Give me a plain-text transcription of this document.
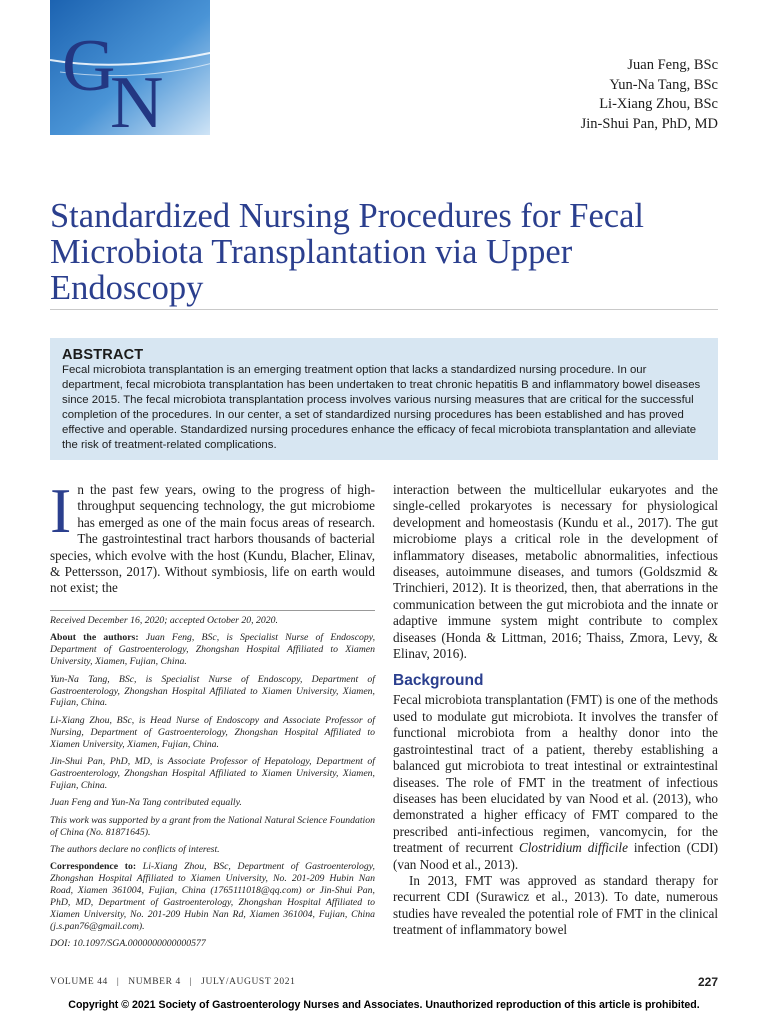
G
N	Juan Feng, BSc
Yun-Na Tang, BSc
Li-Xiang Zhou, BSc
Jin-Shui Pan, PhD, MD
Standardized Nursing Procedures for Fecal Microbiota Transplantation via Upper Endoscopy
ABSTRACT

Fecal microbiota transplantation is an emerging treatment option that lacks a standardized nursing procedure. In our department, fecal microbiota transplantation has been undertaken to treat chronic hepatitis B and inflammatory bowel diseases since 2015. The fecal microbiota transplantation process involves various nursing measures that are critical for the successful completion of the procedures. In our center, a set of standardized nursing procedures has been established and has proved effective and operable. Standardized nursing procedures enhance the efficacy of fecal microbiota transplantation and alleviate the risk of treatment-related complications.

In the past few years, owing to the progress of high-throughput sequencing technology, the gut microbiome has emerged as one of the main focus areas of research. The gastrointestinal tract harbors thousands of bacterial species, which evolve with the host (Kundu, Blacher, Elinav, & Pettersson, 2017). Without symbiosis, life on earth would not exist; the

Received December 16, 2020; accepted October 20, 2020.

About the authors: Juan Feng, BSc, is Specialist Nurse of Endoscopy, Department of Gastroenterology, Zhongshan Hospital Affiliated to Xiamen University, Xiamen, Fujian, China.

Yun-Na Tang, BSc, is Specialist Nurse of Endoscopy, Department of Gastroenterology, Zhongshan Hospital Affiliated to Xiamen University, Xiamen, Fujian, China.

Li-Xiang Zhou, BSc, is Head Nurse of Endoscopy and Associate Professor of Nursing, Department of Gastroenterology, Zhongshan Hospital Affiliated to Xiamen University, Xiamen, Fujian, China.

Jin-Shui Pan, PhD, MD, is Associate Professor of Hepatology, Department of Gastroenterology, Zhongshan Hospital Affiliated to Xiamen University, Xiamen, Fujian, China.

Juan Feng and Yun-Na Tang contributed equally.

This work was supported by a grant from the National Natural Science Foundation of China (No. 81871645).

The authors declare no conflicts of interest.

Correspondence to: Li-Xiang Zhou, BSc, Department of Gastroenterology, Zhongshan Hospital Affiliated to Xiamen University, No. 201-209 Hubin Nan Road, Xiamen 361004, Fujian, China (1765111018@qq.com) or Jin-Shui Pan, PhD, MD, Department of Gastroenterology, Zhongshan Hospital Affiliated to Xiamen University, No. 201-209 Hubin Nan Rd, Xiamen 361004, Fujian, China (j.s.pan76@gmail.com).

DOI: 10.1097/SGA.0000000000000577

interaction between the multicellular eukaryotes and the single-celled prokaryotes is necessary for physiological development and homeostasis (Kundu et al., 2017). The gut microbiome plays a critical role in the development of inflammatory diseases, metabolic abnormalities, infectious diseases, autoimmune diseases, and tumors (Goldszmid & Trinchieri, 2012). It is theorized, then, that aberrations in the communication between the gut microbiota and the innate or adaptive immune system might contribute to complex diseases (Honda & Littman, 2016; Thaiss, Zmora, Levy, & Elinav, 2016).

Background

Fecal microbiota transplantation (FMT) is one of the methods used to modulate gut microbiota. It involves the transfer of functional microbiota from a healthy donor into the gastrointestinal tract of a patient, thereby establishing a balanced gut microbiota to treat intestinal or extraintestinal diseases. The role of FMT in the treatment of infectious diseases has been elucidated by van Nood et al. (2013), who demonstrated a higher efficacy of FMT compared to the prescribed anti-infectious regimen, vancomycin, for the treatment of recurrent Clostridium difficile infection (CDI) (van Nood et al., 2013).

In 2013, FMT was approved as standard therapy for recurrent CDI (Surawicz et al., 2013). To date, numerous studies have revealed the potential role of FMT in the clinical treatment of inflammatory bowel

VOLUME 44   |   NUMBER 4   |   JULY/AUGUST 2021	227
Copyright © 2021 Society of Gastroenterology Nurses and Associates. Unauthorized reproduction of this article is prohibited.
